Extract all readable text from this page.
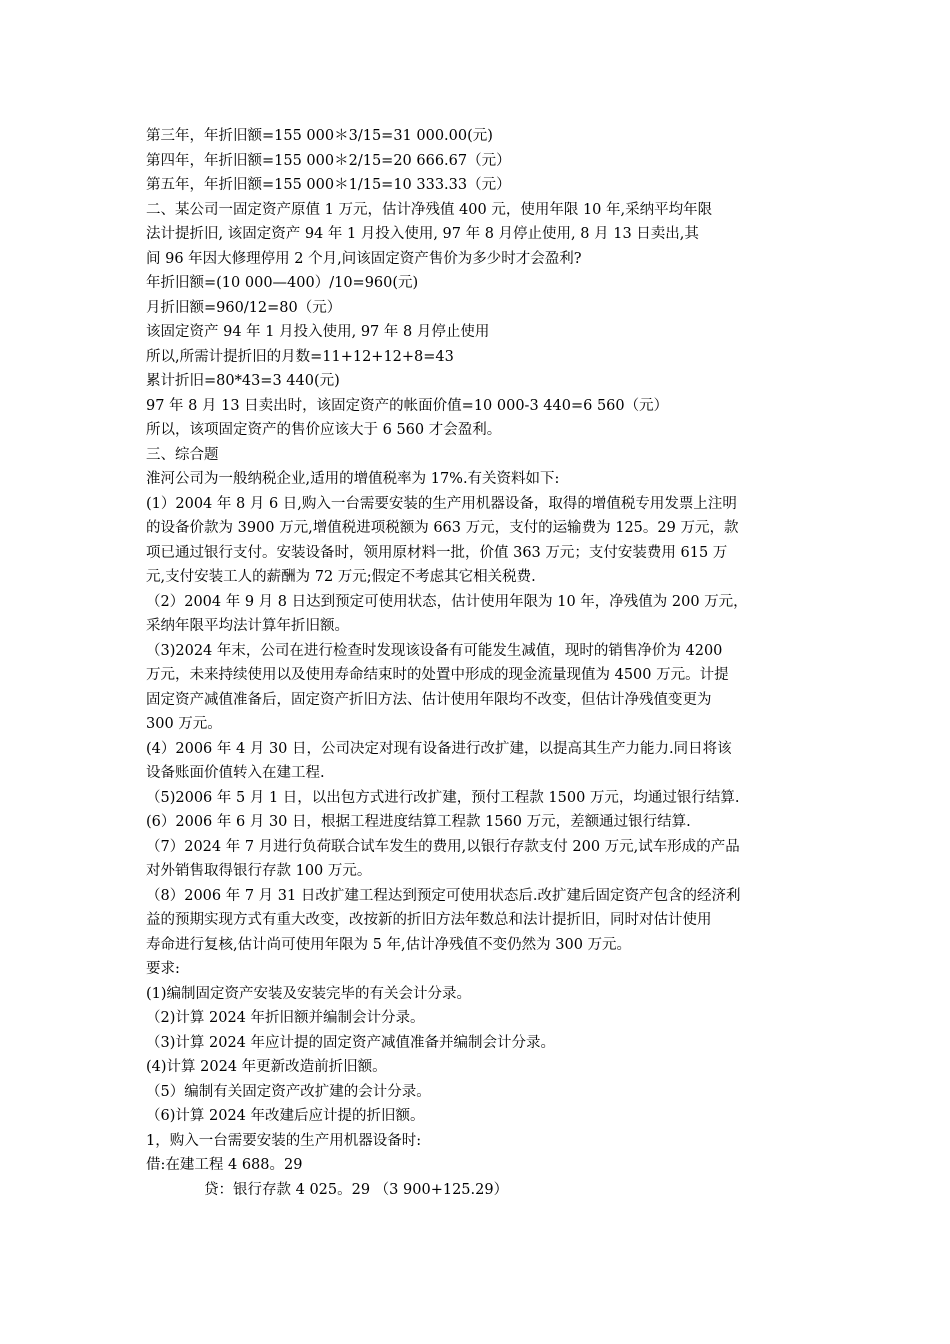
第三年，年折旧额=155 000＊3/15=31 000.00(元)

第四年，年折旧额=155 000＊2/15=20 666.67（元）

第五年，年折旧额=155 000＊1/15=10 333.33（元）

二、某公司一固定资产原值 1 万元，估计净残值 400 元，使用年限 10 年,采纳平均年限

法计提折旧, 该固定资产 94 年 1 月投入使用, 97 年 8 月停止使用, 8 月 13 日卖出,其

间 96 年因大修理停用 2 个月,问该固定资产售价为多少时才会盈利?

年折旧额=(10 000—400）/10=960(元)

月折旧额=960/12=80（元）

该固定资产 94 年 1 月投入使用, 97 年 8 月停止使用

所以,所需计提折旧的月数=11+12+12+8=43

累计折旧=80*43=3 440(元)

97 年 8 月 13 日卖出时，该固定资产的帐面价值=10 000-3 440=6 560（元）

所以，该项固定资产的售价应该大于 6 560 才会盈利。

三、综合题

淮河公司为一般纳税企业,适用的增值税率为 17%.有关资料如下:

(1）2004 年 8 月 6 日,购入一台需要安装的生产用机器设备，取得的增值税专用发票上注明

的设备价款为 3900 万元,增值税进项税额为 663 万元，支付的运输费为 125。29 万元，款

项已通过银行支付。安装设备时，领用原材料一批，价值 363 万元；支付安装费用 615 万

元,支付安装工人的薪酬为 72 万元;假定不考虑其它相关税费.

（2）2004 年 9 月 8 日达到预定可使用状态，估计使用年限为 10 年，净残值为 200 万元，

采纳年限平均法计算年折旧额。

（3)2024 年末，公司在进行检查时发现该设备有可能发生减值，现时的销售净价为 4200

万元，未来持续使用以及使用寿命结束时的处置中形成的现金流量现值为 4500 万元。计提

固定资产减值准备后，固定资产折旧方法、估计使用年限均不改变，但估计净残值变更为

300 万元。

(4）2006 年 4 月 30 日，公司决定对现有设备进行改扩建，以提高其生产力能力.同日将该

设备账面价值转入在建工程.

（5)2006 年 5 月 1 日，以出包方式进行改扩建，预付工程款 1500 万元，均通过银行结算.

(6）2006 年 6 月 30 日，根据工程进度结算工程款 1560 万元，差额通过银行结算.

（7）2024 年 7 月进行负荷联合试车发生的费用,以银行存款支付 200 万元,试车形成的产品

对外销售取得银行存款 100 万元。

（8）2006 年 7 月 31 日改扩建工程达到预定可使用状态后.改扩建后固定资产包含的经济利

益的预期实现方式有重大改变，改按新的折旧方法年数总和法计提折旧，同时对估计使用

寿命进行复核,估计尚可使用年限为 5 年,估计净残值不变仍然为 300 万元。

要求:

(1)编制固定资产安装及安装完毕的有关会计分录。

（2)计算 2024 年折旧额并编制会计分录。

（3)计算 2024 年应计提的固定资产减值准备并编制会计分录。

(4)计算 2024 年更新改造前折旧额。

（5）编制有关固定资产改扩建的会计分录。

（6)计算 2024 年改建后应计提的折旧额。

1，购入一台需要安装的生产用机器设备时:

借:在建工程 4 688。29

贷：银行存款 4 025。29 （3 900+125.29）
